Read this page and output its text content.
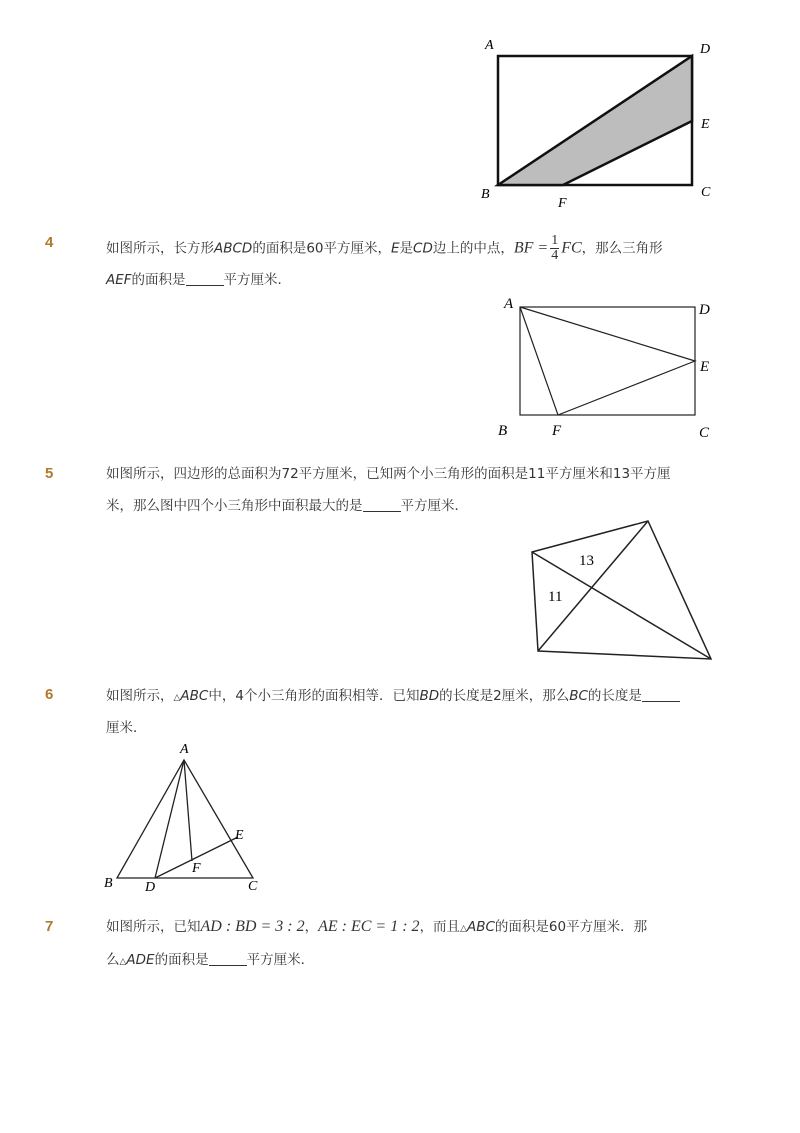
A	D
E
B	C
F
4	如图所示，长方形ABCD的面积是60平方厘米，E是CD边上的中点，BF = $\frac{1}{4}$ FC，那么三角形
AEF的面积是	平方厘米．
A	D
E
B	F	C
5	如图所示，四边形的总面积为72平方厘米，已知两个小三角形的面积是11平方厘米和13平方厘
米，那么图中四个小三角形中面积最大的是	平方厘米．
13
11
6	如图所示，△ABC中，4个小三角形的面积相等．已知BD的长度是2厘米，那么BC的长度是
厘米．
A
B D
F
E
C
7	如图所示，已知AD : BD = 3 : 2，AE : EC = 1 : 2，而且△ABC的面积是60平方厘米．那
么△ADE的面积是	平方厘米．
